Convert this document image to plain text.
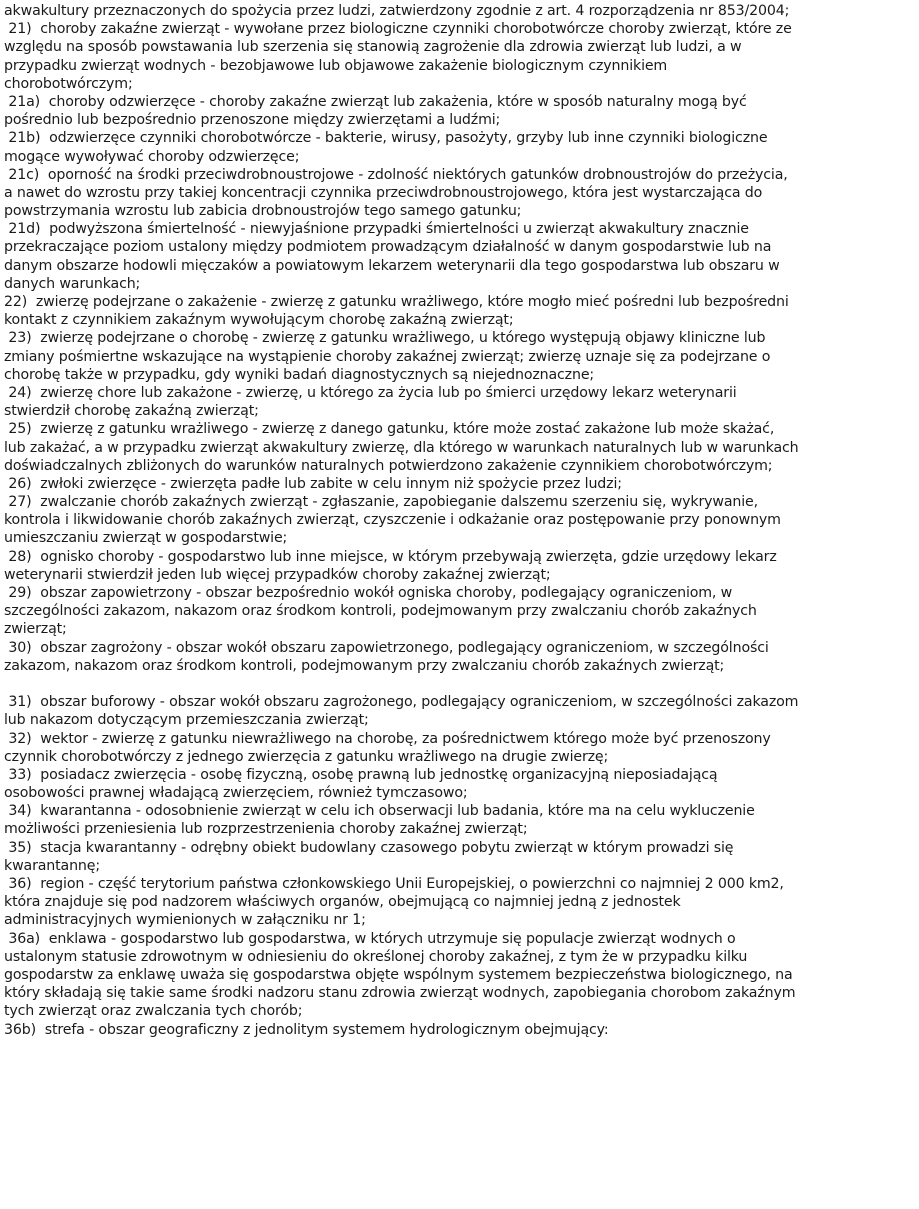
akwakultury przeznaczonych do spożycia przez ludzi, zatwierdzony zgodnie z art. 4 rozporządzenia nr 853/2004;
21)  choroby zakaźne zwierząt - wywołane przez biologiczne czynniki chorobotwórcze choroby zwierząt, które ze
względu na sposób powstawania lub szerzenia się stanowią zagrożenie dla zdrowia zwierząt lub ludzi, a w
przypadku zwierząt wodnych - bezobjawowe lub objawowe zakażenie biologicznym czynnikiem
chorobotwórczym;
21a)  choroby odzwierzęce - choroby zakaźne zwierząt lub zakażenia, które w sposób naturalny mogą być
pośrednio lub bezpośrednio przenoszone między zwierzętami a ludźmi;
21b)  odzwierzęce czynniki chorobotwórcze - bakterie, wirusy, pasożyty, grzyby lub inne czynniki biologiczne
mogące wywoływać choroby odzwierzęce;
21c)  oporność na środki przeciwdrobnoustrojowe - zdolność niektórych gatunków drobnoustrojów do przeżycia,
a nawet do wzrostu przy takiej koncentracji czynnika przeciwdrobnoustrojowego, która jest wystarczająca do
powstrzymania wzrostu lub zabicia drobnoustrojów tego samego gatunku;
21d)  podwyższona śmiertelność - niewyjaśnione przypadki śmiertelności u zwierząt akwakultury znacznie
przekraczające poziom ustalony między podmiotem prowadzącym działalność w danym gospodarstwie lub na
danym obszarze hodowli mięczaków a powiatowym lekarzem weterynarii dla tego gospodarstwa lub obszaru w
danych warunkach;
22)  zwierzę podejrzane o zakażenie - zwierzę z gatunku wrażliwego, które mogło mieć pośredni lub bezpośredni
kontakt z czynnikiem zakaźnym wywołującym chorobę zakaźną zwierząt;
23)  zwierzę podejrzane o chorobę - zwierzę z gatunku wrażliwego, u którego występują objawy kliniczne lub
zmiany pośmiertne wskazujące na wystąpienie choroby zakaźnej zwierząt; zwierzę uznaje się za podejrzane o
chorobę także w przypadku, gdy wyniki badań diagnostycznych są niejednoznaczne;
24)  zwierzę chore lub zakażone - zwierzę, u którego za życia lub po śmierci urzędowy lekarz weterynarii
stwierdził chorobę zakaźną zwierząt;
25)  zwierzę z gatunku wrażliwego - zwierzę z danego gatunku, które może zostać zakażone lub może skażać,
lub zakażać, a w przypadku zwierząt akwakultury zwierzę, dla którego w warunkach naturalnych lub w warunkach
doświadczalnych zbliżonych do warunków naturalnych potwierdzono zakażenie czynnikiem chorobotwórczym;
26)  zwłoki zwierzęce - zwierzęta padłe lub zabite w celu innym niż spożycie przez ludzi;
27)  zwalczanie chorób zakaźnych zwierząt - zgłaszanie, zapobieganie dalszemu szerzeniu się, wykrywanie,
kontrola i likwidowanie chorób zakaźnych zwierząt, czyszczenie i odkażanie oraz postępowanie przy ponownym
umieszczaniu zwierząt w gospodarstwie;
28)  ognisko choroby - gospodarstwo lub inne miejsce, w którym przebywają zwierzęta, gdzie urzędowy lekarz
weterynarii stwierdził jeden lub więcej przypadków choroby zakaźnej zwierząt;
29)  obszar zapowietrzony - obszar bezpośrednio wokół ogniska choroby, podlegający ograniczeniom, w
szczególności zakazom, nakazom oraz środkom kontroli, podejmowanym przy zwalczaniu chorób zakaźnych
zwierząt;
30)  obszar zagrożony - obszar wokół obszaru zapowietrzonego, podlegający ograniczeniom, w szczególności
zakazom, nakazom oraz środkom kontroli, podejmowanym przy zwalczaniu chorób zakaźnych zwierząt;
31)  obszar buforowy - obszar wokół obszaru zagrożonego, podlegający ograniczeniom, w szczególności zakazom
lub nakazom dotyczącym przemieszczania zwierząt;
32)  wektor - zwierzę z gatunku niewrażliwego na chorobę, za pośrednictwem którego może być przenoszony
czynnik chorobotwórczy z jednego zwierzęcia z gatunku wrażliwego na drugie zwierzę;
33)  posiadacz zwierzęcia - osobę fizyczną, osobę prawną lub jednostkę organizacyjną nieposiadającą
osobowości prawnej władającą zwierzęciem, również tymczasowo;
34)  kwarantanna - odosobnienie zwierząt w celu ich obserwacji lub badania, które ma na celu wykluczenie
możliwości przeniesienia lub rozprzestrzenienia choroby zakaźnej zwierząt;
35)  stacja kwarantanny - odrębny obiekt budowlany czasowego pobytu zwierząt w którym prowadzi się
kwarantannę;
36)  region - część terytorium państwa członkowskiego Unii Europejskiej, o powierzchni co najmniej 2 000 km2,
która znajduje się pod nadzorem właściwych organów, obejmującą co najmniej jedną z jednostek
administracyjnych wymienionych w załączniku nr 1;
36a)  enklawa - gospodarstwo lub gospodarstwa, w których utrzymuje się populacje zwierząt wodnych o
ustalonym statusie zdrowotnym w odniesieniu do określonej choroby zakaźnej, z tym że w przypadku kilku
gospodarstw za enklawę uważa się gospodarstwa objęte wspólnym systemem bezpieczeństwa biologicznego, na
który składają się takie same środki nadzoru stanu zdrowia zwierząt wodnych, zapobiegania chorobom zakaźnym
tych zwierząt oraz zwalczania tych chorób;
36b)  strefa - obszar geograficzny z jednolitym systemem hydrologicznym obejmujący:
